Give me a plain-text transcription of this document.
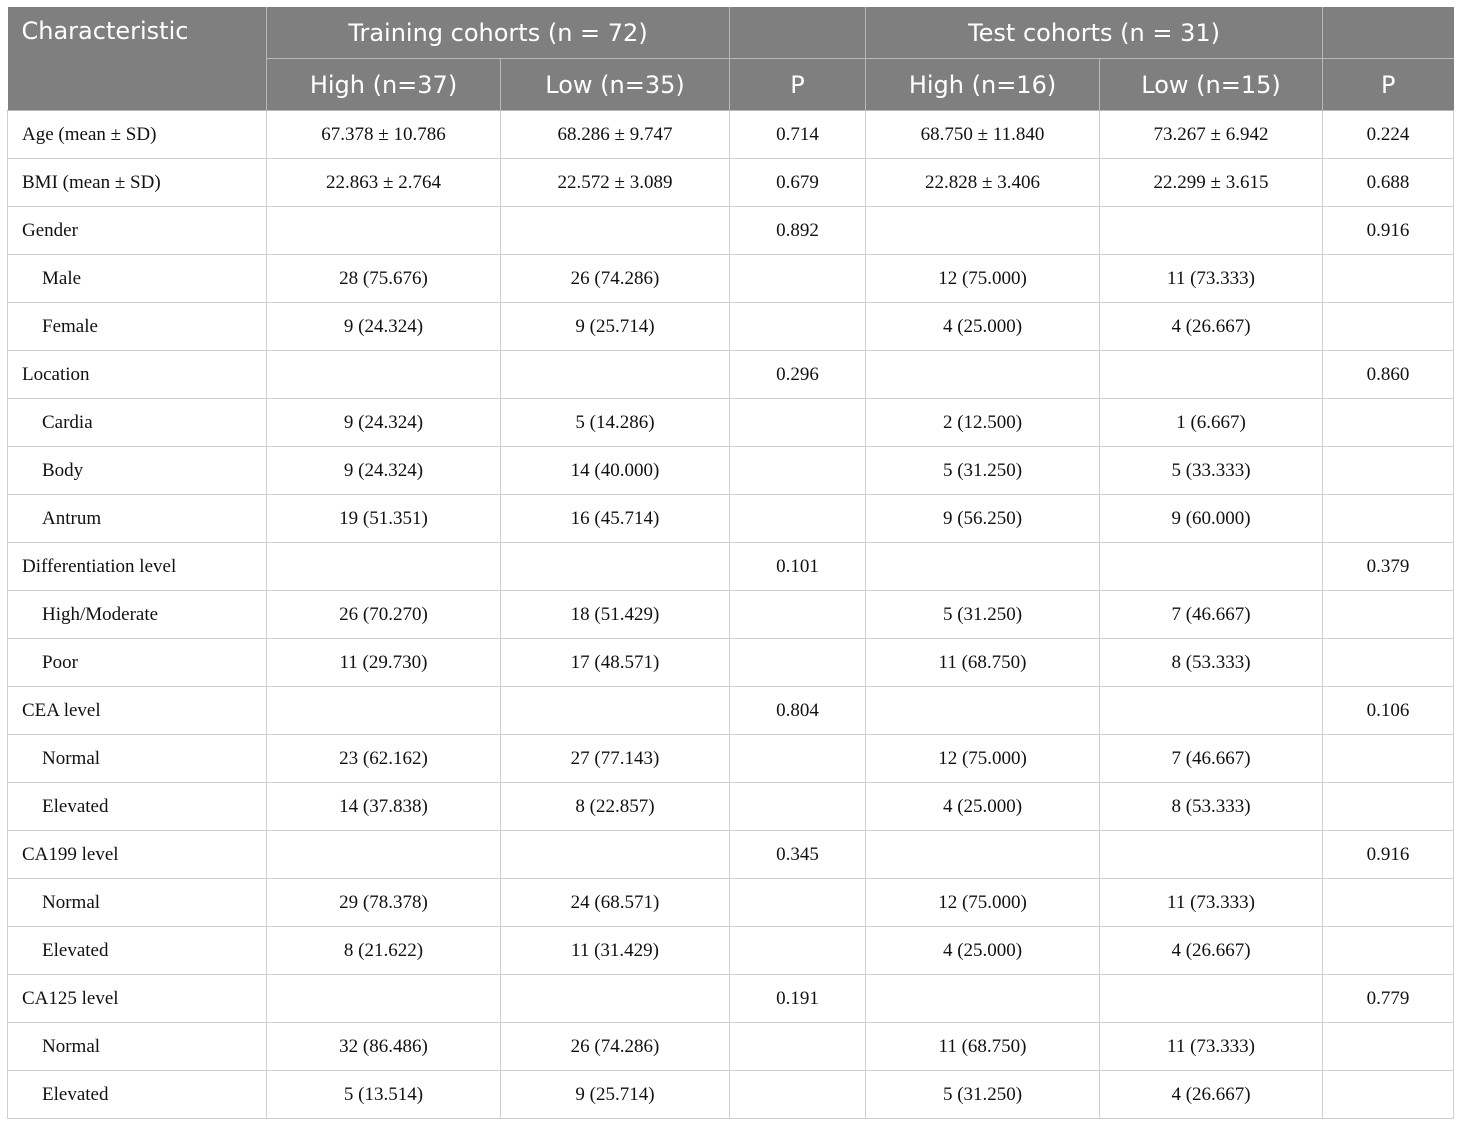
Characteristic	Training cohorts (n = 72)			Test cohorts (n = 31)		
	High (n=37)	Low (n=35)	P	High (n=16)	Low (n=15)	P
Age (mean ± SD)	67.378 ± 10.786	68.286 ± 9.747	0.714	68.750 ± 11.840	73.267 ± 6.942	0.224
BMI (mean ± SD)	22.863 ± 2.764	22.572 ± 3.089	0.679	22.828 ± 3.406	22.299 ± 3.615	0.688
Gender			0.892			0.916
Male	28 (75.676)	26 (74.286)		12 (75.000)	11 (73.333)	
Female	9 (24.324)	9 (25.714)		4 (25.000)	4 (26.667)	
Location			0.296			0.860
Cardia	9 (24.324)	5 (14.286)		2 (12.500)	1 (6.667)	
Body	9 (24.324)	14 (40.000)		5 (31.250)	5 (33.333)	
Antrum	19 (51.351)	16 (45.714)		9 (56.250)	9 (60.000)	
Differentiation level			0.101			0.379
High/Moderate	26 (70.270)	18 (51.429)		5 (31.250)	7 (46.667)	
Poor	11 (29.730)	17 (48.571)		11 (68.750)	8 (53.333)	
CEA level			0.804			0.106
Normal	23 (62.162)	27 (77.143)		12 (75.000)	7 (46.667)	
Elevated	14 (37.838)	8 (22.857)		4 (25.000)	8 (53.333)	
CA199 level			0.345			0.916
Normal	29 (78.378)	24 (68.571)		12 (75.000)	11 (73.333)	
Elevated	8 (21.622)	11 (31.429)		4 (25.000)	4 (26.667)	
CA125 level			0.191			0.779
Normal	32 (86.486)	26 (74.286)		11 (68.750)	11 (73.333)	
Elevated	5 (13.514)	9 (25.714)		5 (31.250)	4 (26.667)	
